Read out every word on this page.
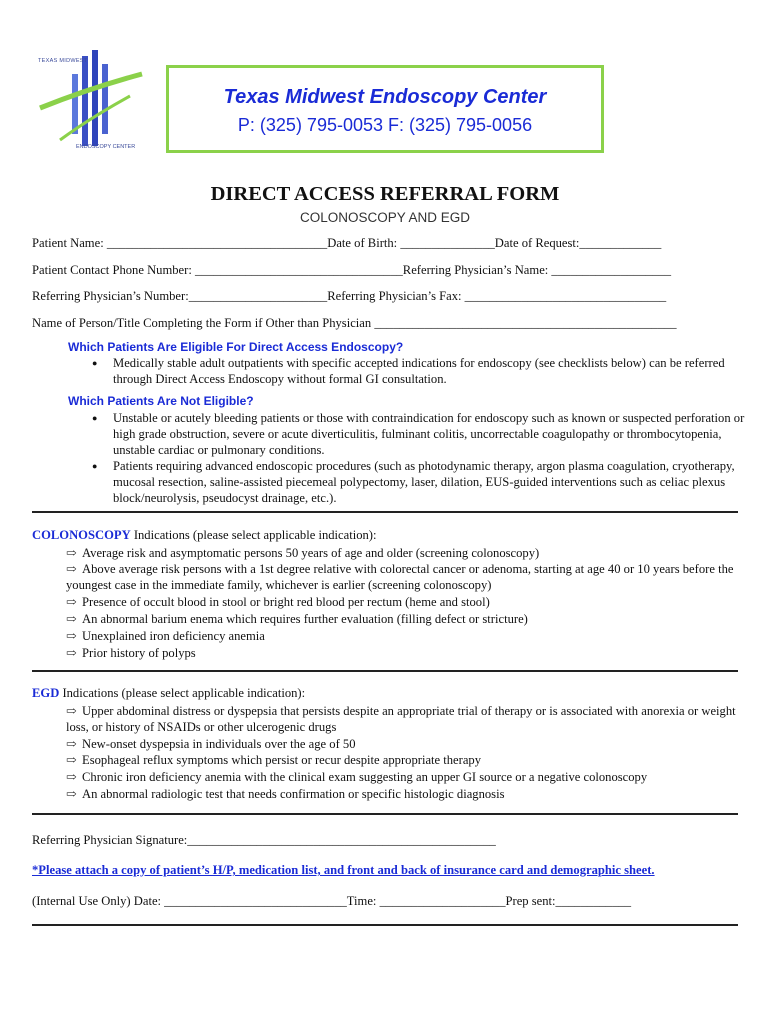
TEXAS MIDWEST
ENDOSCOPY CENTER
Texas Midwest Endoscopy Center
P: (325) 795-0053 F: (325) 795-0056
DIRECT ACCESS REFERRAL FORM
COLONOSCOPY AND EGD
Patient Name: ___________________________________Date of Birth: _______________Date of Request:_____________
Patient Contact Phone Number: _________________________________Referring Physician’s Name: ___________________
Referring Physician’s Number:______________________Referring Physician’s Fax: ________________________________
Name of Person/Title Completing the Form if Other than Physician ________________________________________________
Which Patients Are Eligible For Direct Access Endoscopy?
● Medically stable adult outpatients with specific accepted indications for endoscopy (see checklists below) can be referred through Direct Access Endoscopy without formal GI consultation.
Which Patients Are Not Eligible?
● Unstable or acutely bleeding patients or those with contraindication for endoscopy such as known or suspected perforation or high grade obstruction, severe or acute diverticulitis, fulminant colitis, uncorrectable coagulopathy or thrombocytopenia, unstable cardiac or pulmonary conditions.
● Patients requiring advanced endoscopic procedures (such as photodynamic therapy, argon plasma coagulation, cryotherapy, mucosal resection, saline-assisted piecemeal polypectomy, laser, dilation, EUS-guided interventions such as celiac plexus block/neurolysis, pseudocyst drainage, etc.).
COLONOSCOPY Indications (please select applicable indication):
⇨ Average risk and asymptomatic persons 50 years of age and older (screening colonoscopy)
⇨ Above average risk persons with a 1st degree relative with colorectal cancer or adenoma, starting at age 40 or 10 years before the youngest case in the immediate family, whichever is earlier (screening colonoscopy)
⇨ Presence of occult blood in stool or bright red blood per rectum (heme and stool)
⇨ An abnormal barium enema which requires further evaluation (filling defect or stricture)
⇨ Unexplained iron deficiency anemia
⇨ Prior history of polyps
EGD Indications (please select applicable indication):
⇨ Upper abdominal distress or dyspepsia that persists despite an appropriate trial of therapy or is associated with anorexia or weight loss, or history of NSAIDs or other ulcerogenic drugs
⇨ New-onset dyspepsia in individuals over the age of 50
⇨ Esophageal reflux symptoms which persist or recur despite appropriate therapy
⇨ Chronic iron deficiency anemia with the clinical exam suggesting an upper GI source or a negative colonoscopy
⇨ An abnormal radiologic test that needs confirmation or specific histologic diagnosis
Referring Physician Signature:_________________________________________________
*Please attach a copy of patient’s H/P, medication list, and front and back of insurance card and demographic sheet.
(Internal Use Only) Date: _____________________________Time: ____________________Prep sent:____________
